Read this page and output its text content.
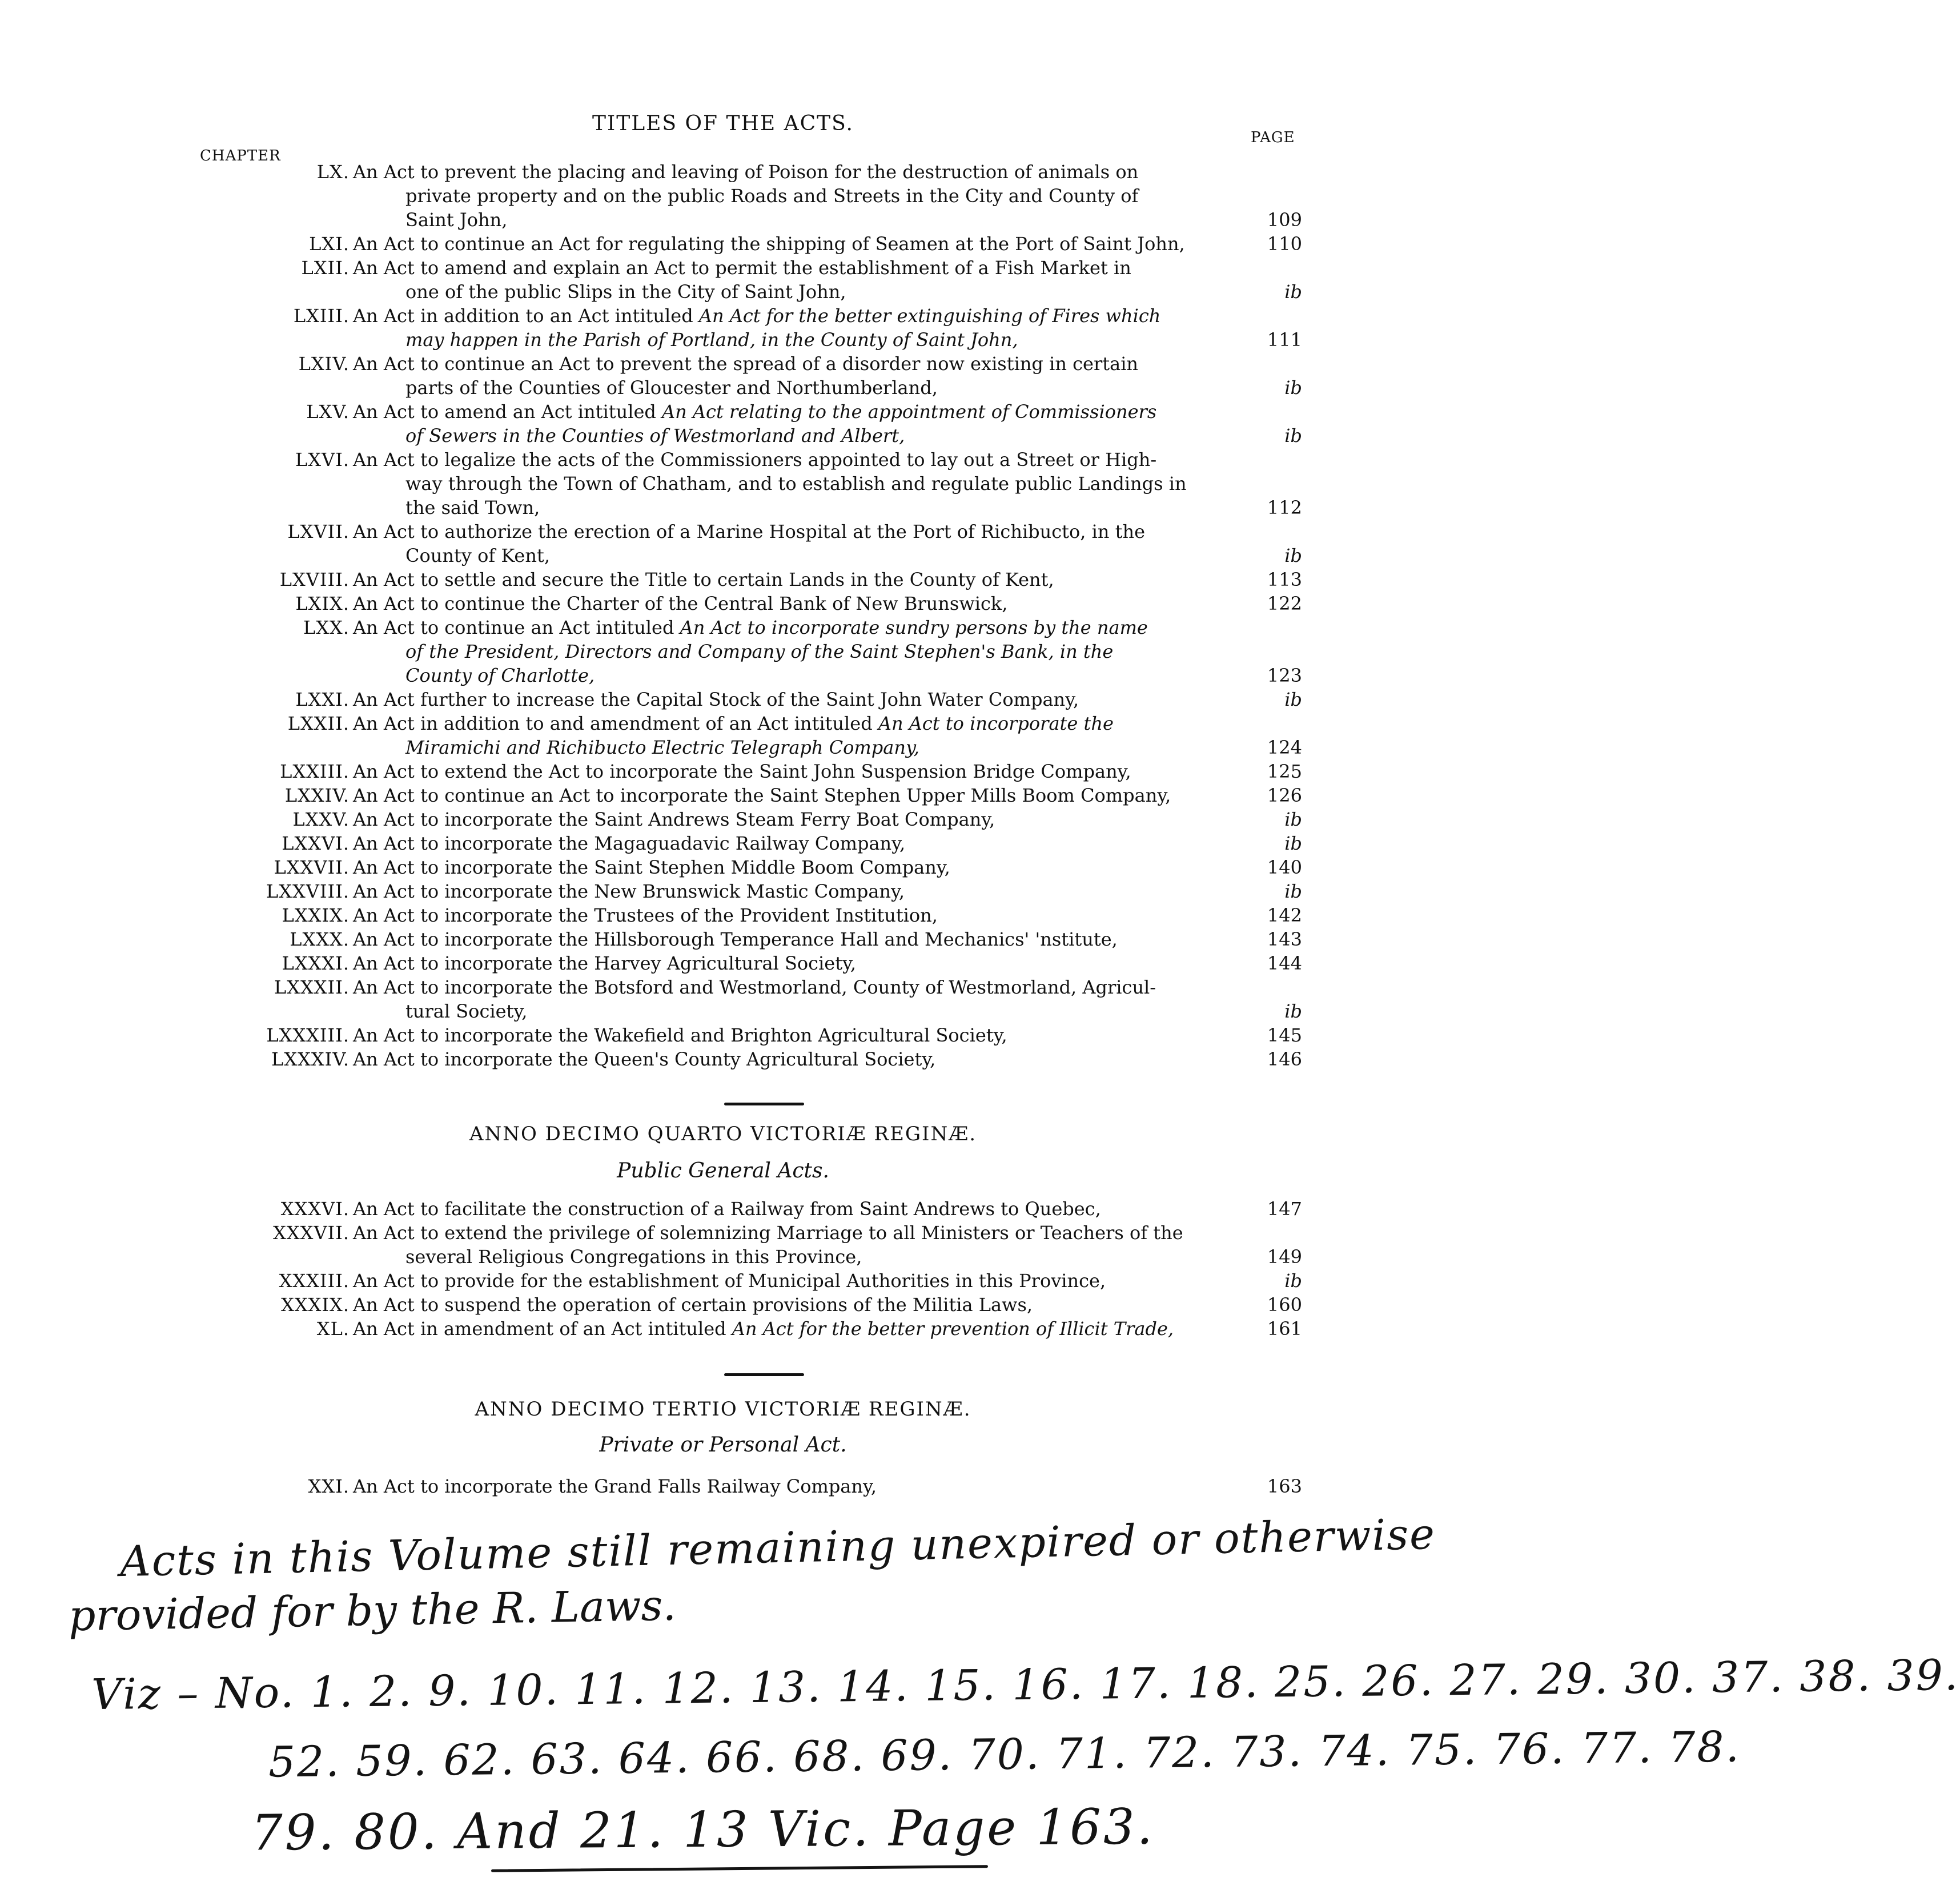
TITLES OF THE ACTS.
PAGE
CHAPTER
LX. An Act to prevent the placing and leaving of Poison for the destruction of animals on
private property and on the public Roads and Streets in the City and County of
Saint John,	109
LXI. An Act to continue an Act for regulating the shipping of Seamen at the Port of Saint John,	110
LXII. An Act to amend and explain an Act to permit the establishment of a Fish Market in
one of the public Slips in the City of Saint John,	ib
LXIII. An Act in addition to an Act intituled An Act for the better extinguishing of Fires which
may happen in the Parish of Portland, in the County of Saint John,	111
LXIV. An Act to continue an Act to prevent the spread of a disorder now existing in certain
parts of the Counties of Gloucester and Northumberland,	ib
LXV. An Act to amend an Act intituled An Act relating to the appointment of Commissioners
of Sewers in the Counties of Westmorland and Albert,	ib
LXVI. An Act to legalize the acts of the Commissioners appointed to lay out a Street or High-
way through the Town of Chatham, and to establish and regulate public Landings in
the said Town,	112
LXVII. An Act to authorize the erection of a Marine Hospital at the Port of Richibucto, in the
County of Kent,	ib
LXVIII. An Act to settle and secure the Title to certain Lands in the County of Kent,	113
LXIX. An Act to continue the Charter of the Central Bank of New Brunswick,	122
LXX. An Act to continue an Act intituled An Act to incorporate sundry persons by the name
of the President, Directors and Company of the Saint Stephen's Bank, in the
County of Charlotte,	123
LXXI. An Act further to increase the Capital Stock of the Saint John Water Company,	ib
LXXII. An Act in addition to and amendment of an Act intituled An Act to incorporate the
Miramichi and Richibucto Electric Telegraph Company,	124
LXXIII. An Act to extend the Act to incorporate the Saint John Suspension Bridge Company,	125
LXXIV. An Act to continue an Act to incorporate the Saint Stephen Upper Mills Boom Company,	126
LXXV. An Act to incorporate the Saint Andrews Steam Ferry Boat Company,	ib
LXXVI. An Act to incorporate the Magaguadavic Railway Company,	ib
LXXVII. An Act to incorporate the Saint Stephen Middle Boom Company,	140
LXXVIII. An Act to incorporate the New Brunswick Mastic Company,	ib
LXXIX. An Act to incorporate the Trustees of the Provident Institution,	142
LXXX. An Act to incorporate the Hillsborough Temperance Hall and Mechanics' 'nstitute,	143
LXXXI. An Act to incorporate the Harvey Agricultural Society,	144
LXXXII. An Act to incorporate the Botsford and Westmorland, County of Westmorland, Agricul-
tural Society,	ib
LXXXIII. An Act to incorporate the Wakefield and Brighton Agricultural Society,	145
LXXXIV. An Act to incorporate the Queen's County Agricultural Society,	146
ANNO DECIMO QUARTO VICTORIÆ REGINÆ.
Public General Acts.
XXXVI. An Act to facilitate the construction of a Railway from Saint Andrews to Quebec,	147
XXXVII. An Act to extend the privilege of solemnizing Marriage to all Ministers or Teachers of the
several Religious Congregations in this Province,	149
XXXIII. An Act to provide for the establishment of Municipal Authorities in this Province,	ib
XXXIX. An Act to suspend the operation of certain provisions of the Militia Laws,	160
XL. An Act in amendment of an Act intituled An Act for the better prevention of Illicit Trade,	161
ANNO DECIMO TERTIO VICTORIÆ REGINÆ.
Private or Personal Act.
XXI. An Act to incorporate the Grand Falls Railway Company,	163
Acts in this Volume still remaining unexpired or otherwise
provided for by the R. Laws.
Viz – No. 1. 2. 9. 10. 11. 12. 13. 14. 15. 16. 17. 18. 25. 26. 27. 29. 30. 37. 38. 39.
52. 59. 62. 63. 64. 66. 68. 69. 70. 71. 72. 73. 74. 75. 76. 77. 78.
79. 80. And 21. 13 Vic. Page 163.
